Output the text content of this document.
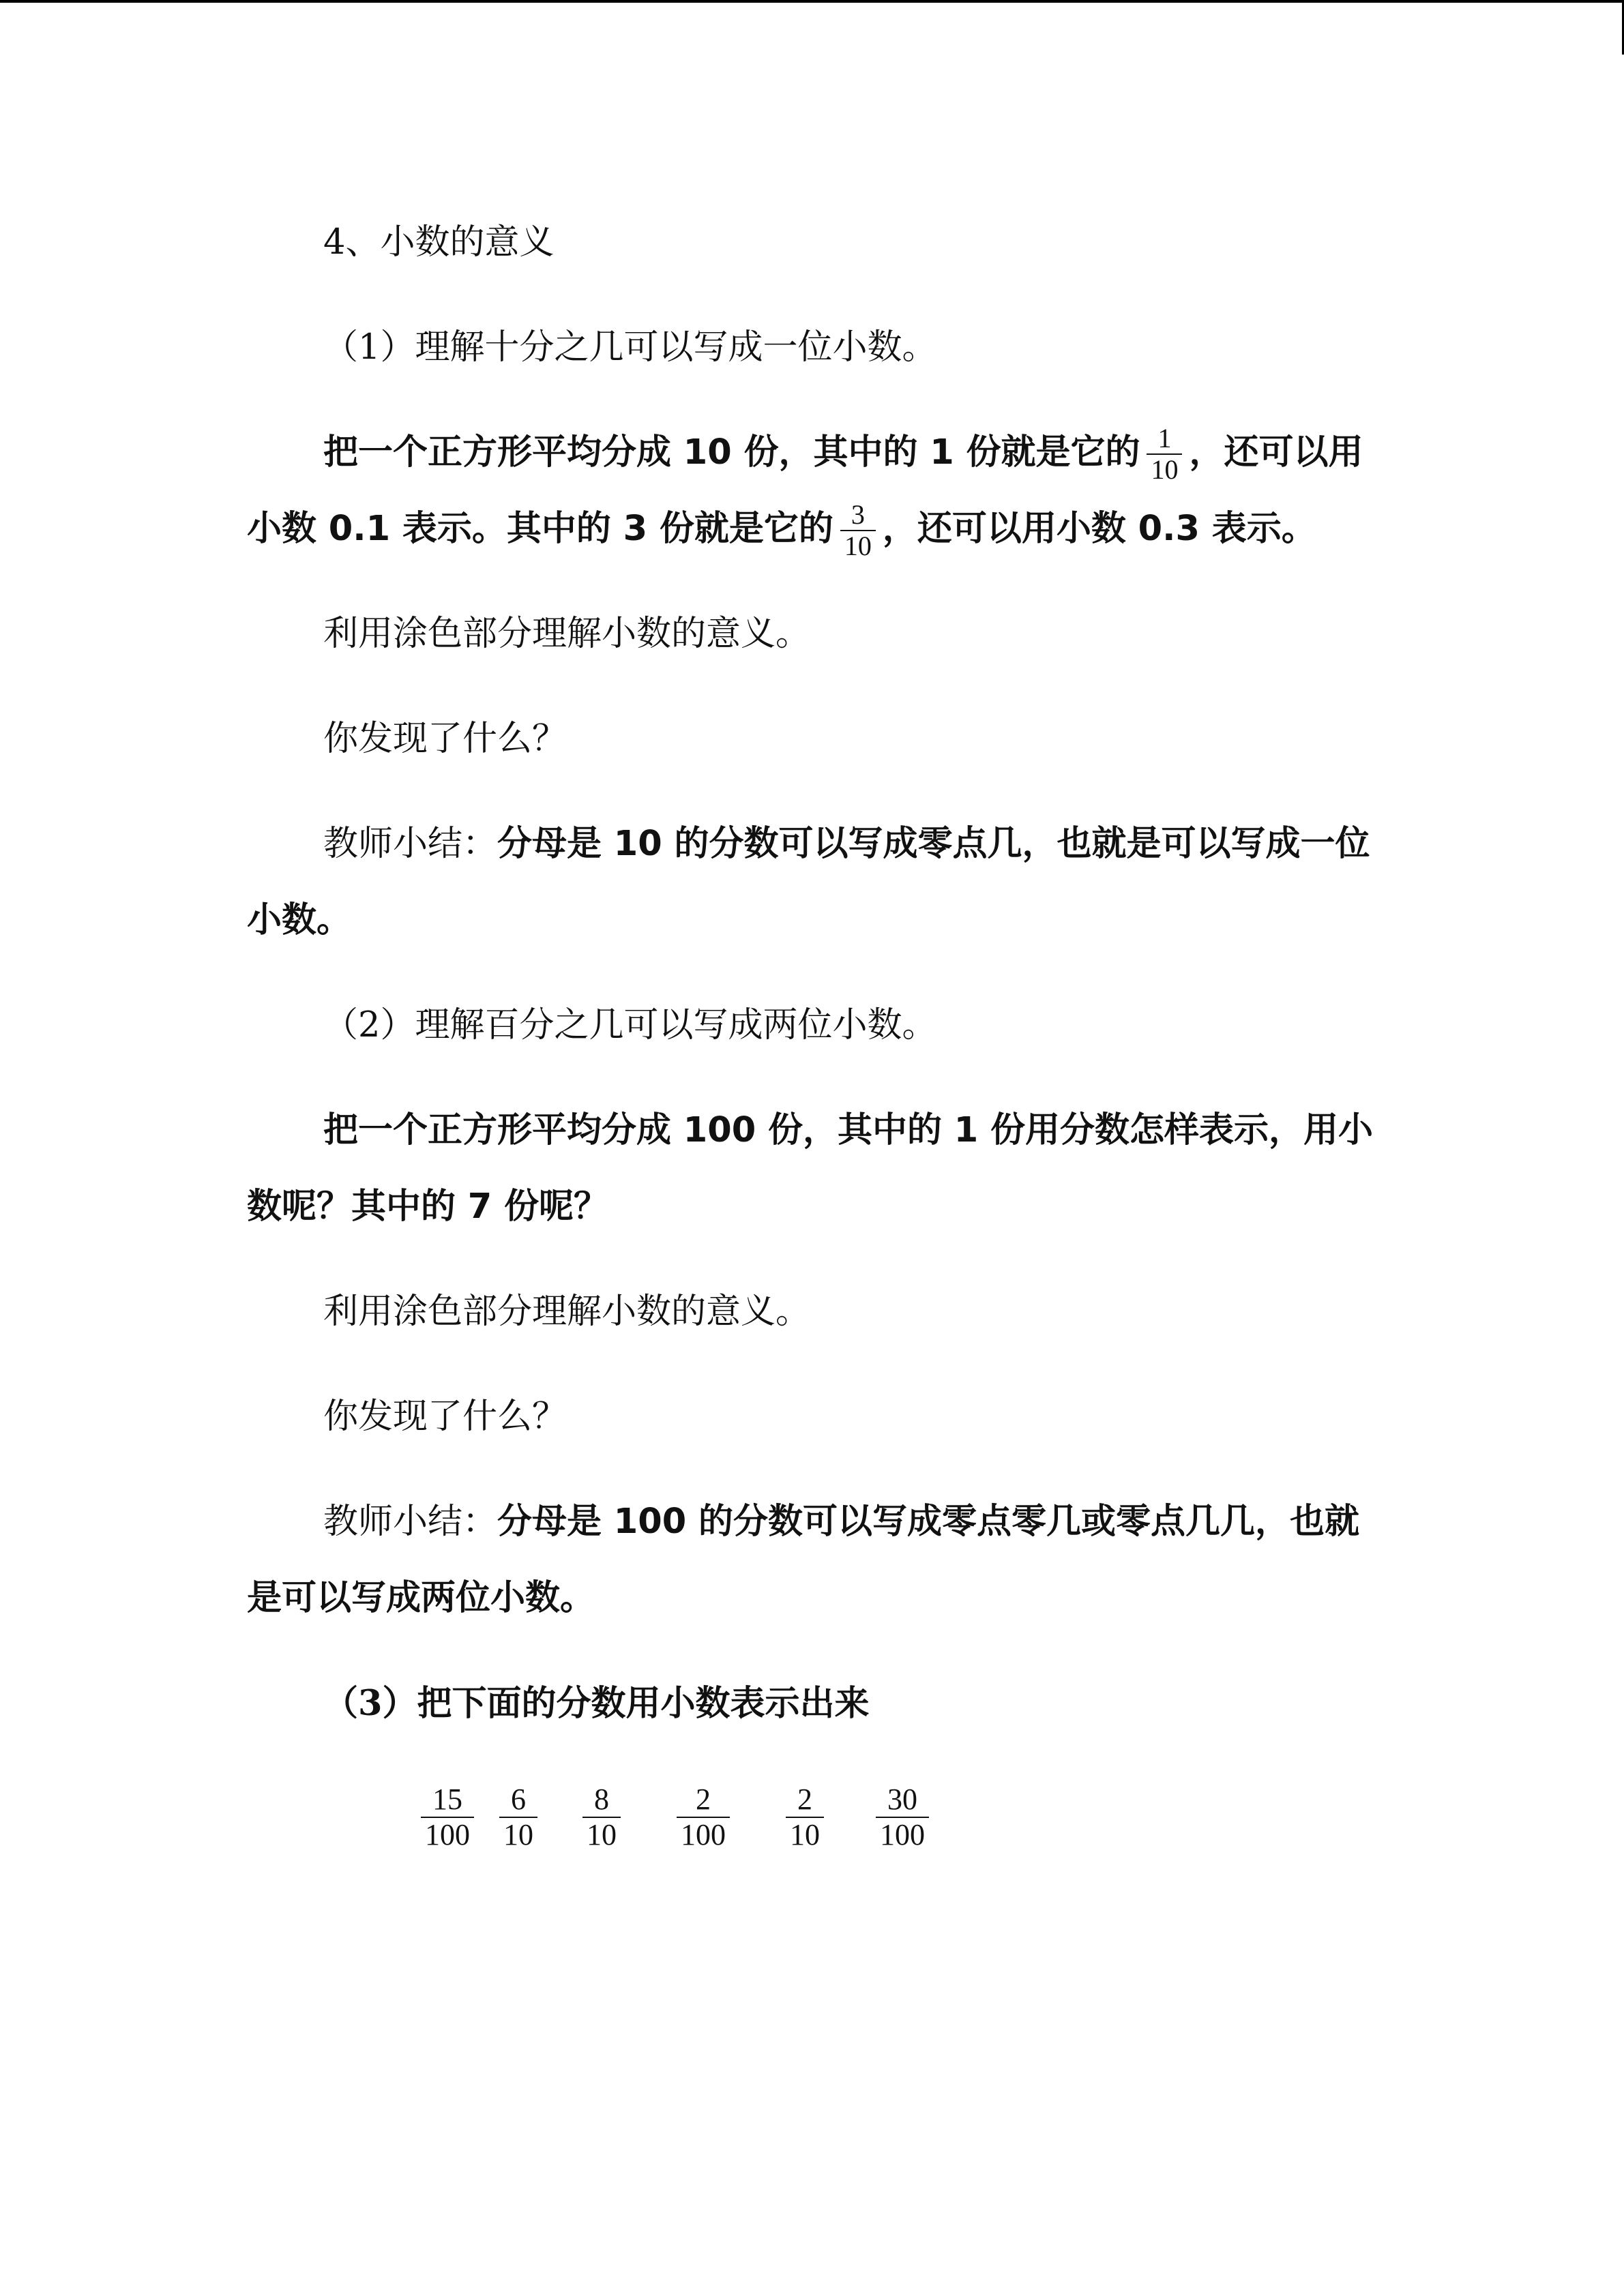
4、小数的意义

（1）理解十分之几可以写成一位小数。

把一个正方形平均分成 10 份，其中的 1 份就是它的 $\frac{1}{10}$ ，还可以用小数 0.1 表示。其中的 3 份就是它的 $\frac{3}{10}$ ，还可以用小数 0.3 表示。

利用涂色部分理解小数的意义。

你发现了什么？

教师小结：分母是 10 的分数可以写成零点几，也就是可以写成一位小数。

（2）理解百分之几可以写成两位小数。

把一个正方形平均分成 100 份，其中的 1 份用分数怎样表示，用小数呢？其中的 7 份呢？

利用涂色部分理解小数的意义。

你发现了什么？

教师小结：分母是 100 的分数可以写成零点零几或零点几几，也就是可以写成两位小数。

（3）把下面的分数用小数表示出来

$\frac{15}{100} \frac{6}{10} \frac{8}{10} \frac{2}{100} \frac{2}{10} \frac{30}{100}$
